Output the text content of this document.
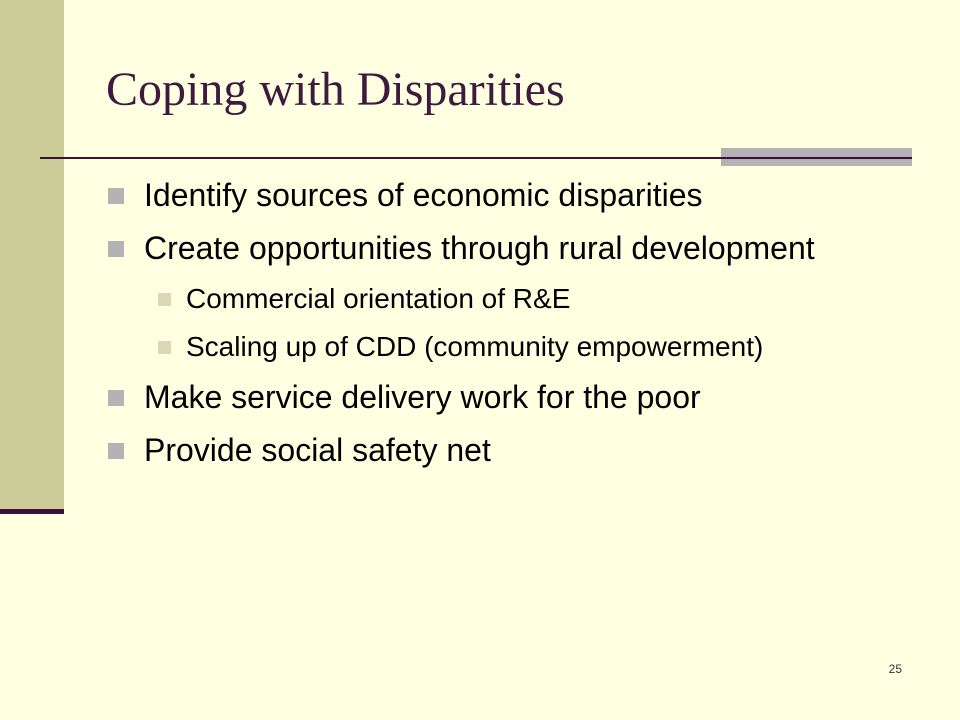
Coping with Disparities
Identify sources of economic disparities
Create opportunities through rural development
Commercial orientation of R&E
Scaling up of CDD (community empowerment)
Make service delivery work for the poor
Provide social safety net
25
